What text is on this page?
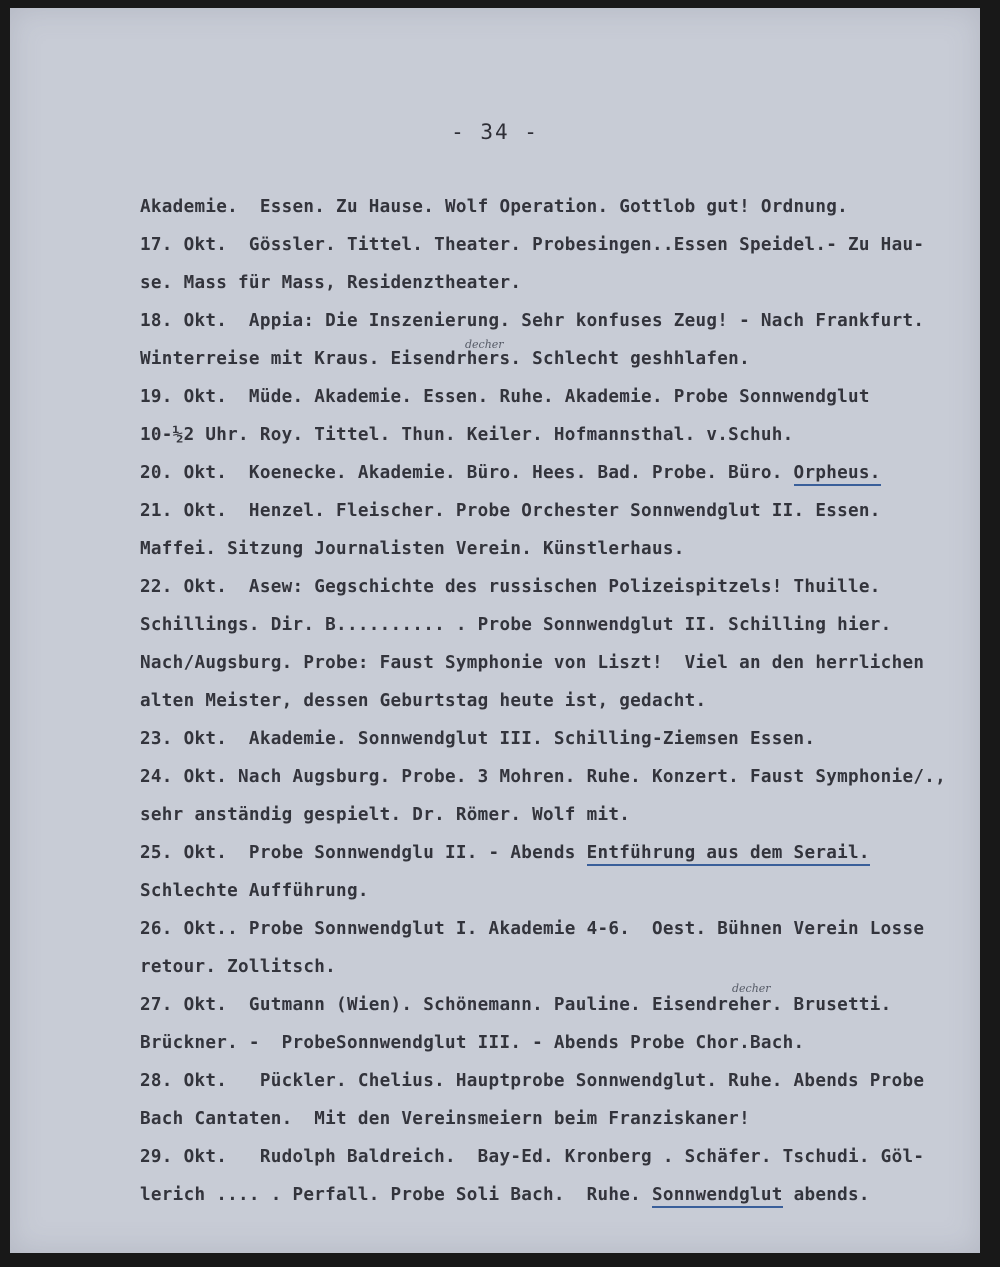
- 34 -
decher
decher
Akademie.  Essen. Zu Hause. Wolf Operation. Gottlob gut! Ordnung.
17. Okt.  Gössler. Tittel. Theater. Probesingen..Essen Speidel.- Zu Hau-
se. Mass für Mass, Residenztheater.
18. Okt.  Appia: Die Inszenierung. Sehr konfuses Zeug! - Nach Frankfurt.
Winterreise mit Kraus. Eisendrhers. Schlecht geshhlafen.
19. Okt.  Müde. Akademie. Essen. Ruhe. Akademie. Probe Sonnwendglut
10-½2 Uhr. Roy. Tittel. Thun. Keiler. Hofmannsthal. v.Schuh.
20. Okt.  Koenecke. Akademie. Büro. Hees. Bad. Probe. Büro. Orpheus.
21. Okt.  Henzel. Fleischer. Probe Orchester Sonnwendglut II. Essen.
Maffei. Sitzung Journalisten Verein. Künstlerhaus.
22. Okt.  Asew: Gegschichte des russischen Polizeispitzels! Thuille.
Schillings. Dir. B.......... . Probe Sonnwendglut II. Schilling hier.
Nach/Augsburg. Probe: Faust Symphonie von Liszt!  Viel an den herrlichen
alten Meister, dessen Geburtstag heute ist, gedacht.
23. Okt.  Akademie. Sonnwendglut III. Schilling-Ziemsen Essen.
24. Okt. Nach Augsburg. Probe. 3 Mohren. Ruhe. Konzert. Faust Symphonie/.,
sehr anständig gespielt. Dr. Römer. Wolf mit.
25. Okt.  Probe Sonnwendglu II. - Abends Entführung aus dem Serail.
Schlechte Aufführung.
26. Okt.. Probe Sonnwendglut I. Akademie 4-6.  Oest. Bühnen Verein Losse
retour. Zollitsch.
27. Okt.  Gutmann (Wien). Schönemann. Pauline. Eisendreher. Brusetti.
Brückner. -  ProbeSonnwendglut III. - Abends Probe Chor.Bach.
28. Okt.   Pückler. Chelius. Hauptprobe Sonnwendglut. Ruhe. Abends Probe
Bach Cantaten.  Mit den Vereinsmeiern beim Franziskaner!
29. Okt.   Rudolph Baldreich.  Bay-Ed. Kronberg . Schäfer. Tschudi. Göl-
lerich .... . Perfall. Probe Soli Bach.  Ruhe. Sonnwendglut abends.
